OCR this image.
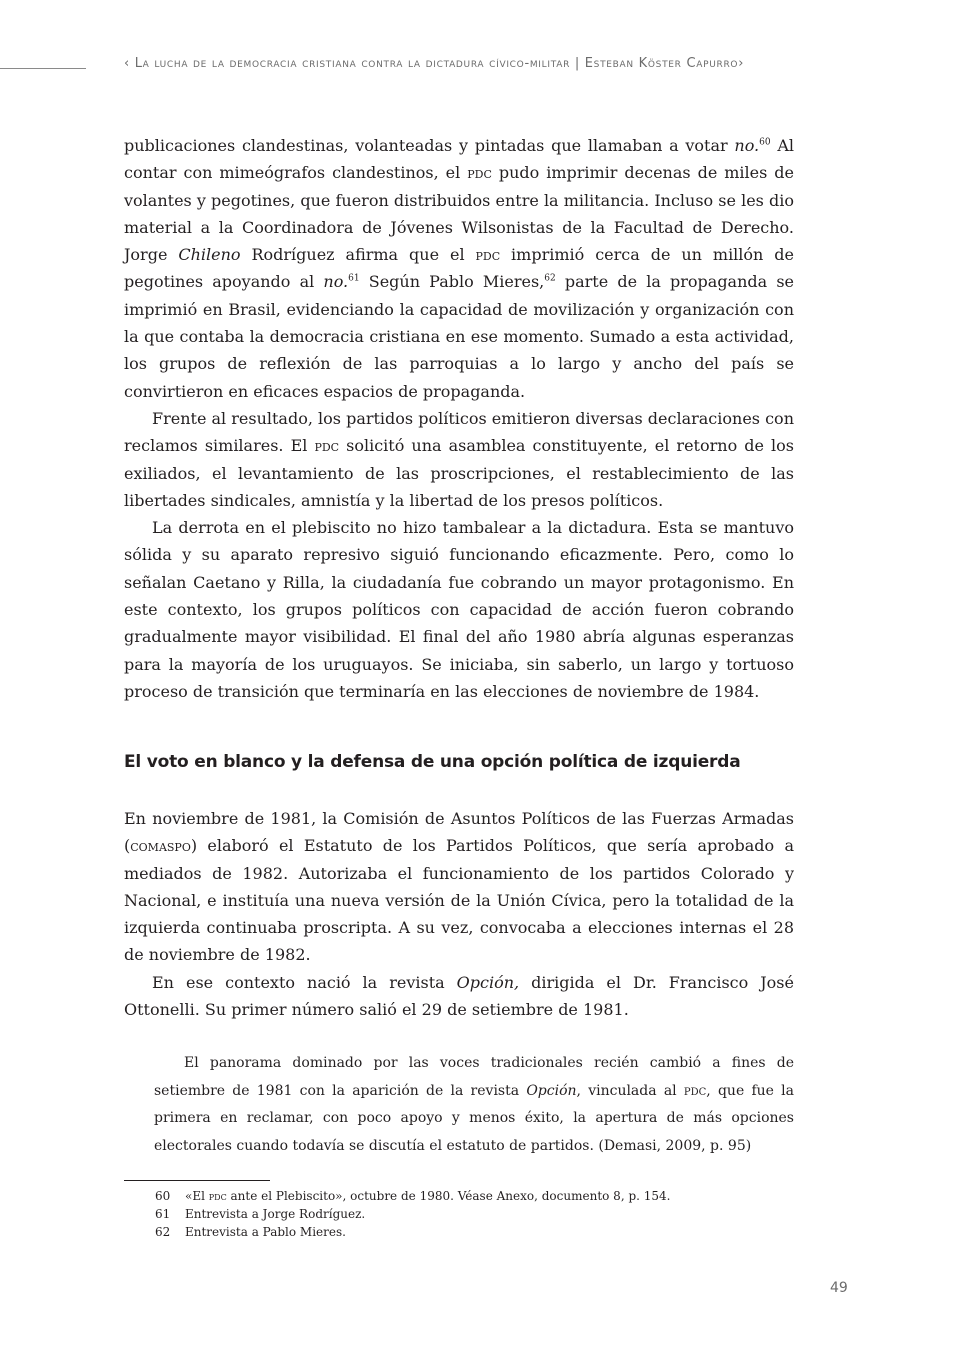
‹ La lucha de la democracia cristiana contra la dictadura cívico-militar | Esteban Köster Capurro›

publicaciones clandestinas, volanteadas y pintadas que llamaban a votar no.$^{60}$ Al contar con mimeógrafos clandestinos, el pdc pudo imprimir decenas de miles de volantes y pegotines, que fueron distribuidos entre la militancia. Incluso se les dio material a la Coordinadora de Jóvenes Wilsonistas de la Facultad de Derecho. Jorge Chileno Rodríguez afirma que el pdc imprimió cerca de un millón de pegotines apoyando al no.$^{61}$ Según Pablo Mieres,$^{62}$ parte de la propaganda se imprimió en Brasil, evidenciando la capacidad de movilización y organización con la que contaba la democracia cristiana en ese momento. Sumado a esta actividad, los grupos de reflexión de las parroquias a lo largo y ancho del país se convirtieron en eficaces espacios de propaganda.

Frente al resultado, los partidos políticos emitieron diversas declaraciones con reclamos similares. El pdc solicitó una asamblea constituyente, el retorno de los exiliados, el levantamiento de las proscripciones, el restablecimiento de las libertades sindicales, amnistía y la libertad de los presos políticos.

La derrota en el plebiscito no hizo tambalear a la dictadura. Esta se mantuvo sólida y su aparato represivo siguió funcionando eficazmente. Pero, como lo señalan Caetano y Rilla, la ciudadanía fue cobrando un mayor protagonismo. En este contexto, los grupos políticos con capacidad de acción fueron cobrando gradualmente mayor visibilidad. El final del año 1980 abría algunas esperanzas para la mayoría de los uruguayos. Se iniciaba, sin saberlo, un largo y tortuoso proceso de transición que terminaría en las elecciones de noviembre de 1984.

El voto en blanco y la defensa de una opción política de izquierda

En noviembre de 1981, la Comisión de Asuntos Políticos de las Fuerzas Armadas (comaspo) elaboró el Estatuto de los Partidos Políticos, que sería aprobado a mediados de 1982. Autorizaba el funcionamiento de los partidos Colorado y Nacional, e instituía una nueva versión de la Unión Cívica, pero la totalidad de la izquierda continuaba proscripta. A su vez, convocaba a elecciones internas el 28 de noviembre de 1982.

En ese contexto nació la revista Opción, dirigida el Dr. Francisco José Ottonelli. Su primer número salió el 29 de setiembre de 1981.

El panorama dominado por las voces tradicionales recién cambió a fines de setiembre de 1981 con la aparición de la revista Opción, vinculada al pdc, que fue la primera en reclamar, con poco apoyo y menos éxito, la apertura de más opciones electorales cuando todavía se discutía el estatuto de partidos. (Demasi, 2009, p. 95)

60	«El pdc ante el Plebiscito», octubre de 1980. Véase Anexo, documento 8, p. 154.
61	Entrevista a Jorge Rodríguez.
62	Entrevista a Pablo Mieres.
49
